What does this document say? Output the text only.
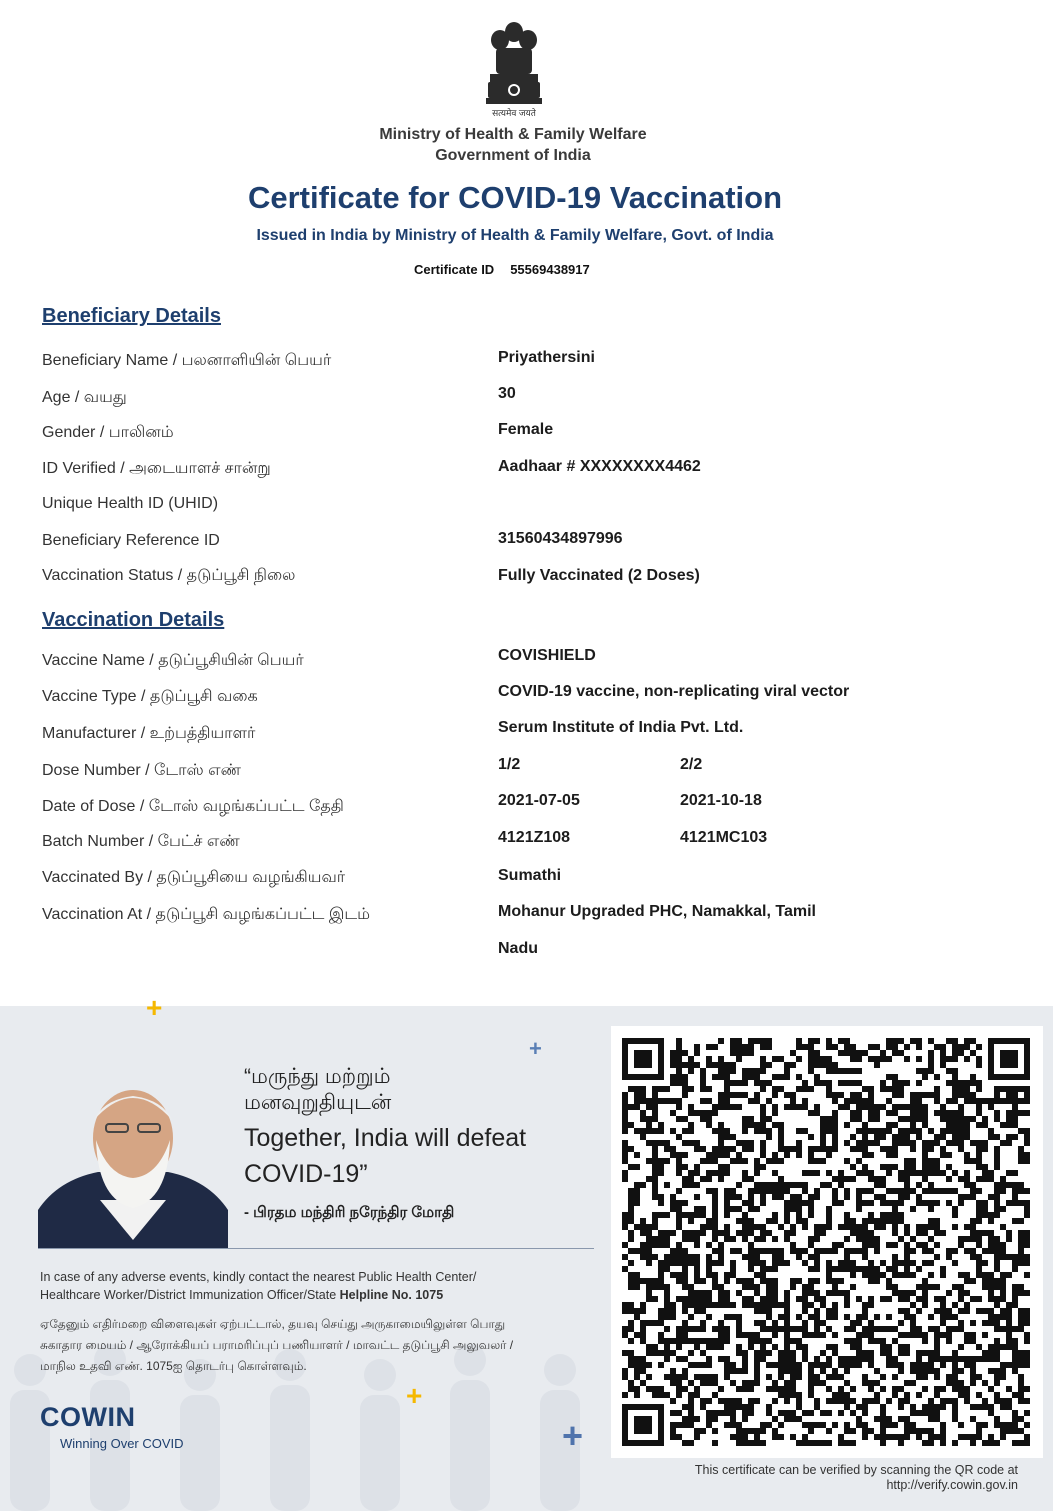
सत्यमेव जयते
Ministry of Health & Family Welfare
Government of India
Certificate for COVID-19 Vaccination
Issued in India by Ministry of Health & Family Welfare, Govt. of India
Certificate ID 55569438917
Beneficiary Details
Beneficiary Name / பலனாளியின் பெயர்	Priyathersini
Age / வயது	30
Gender / பாலினம்	Female
ID Verified / அடையாளச் சான்று	Aadhaar # XXXXXXXX4462
Unique Health ID (UHID)
Beneficiary Reference ID	31560434897996
Vaccination Status / தடுப்பூசி நிலை	Fully Vaccinated (2 Doses)
Vaccination Details
Vaccine Name / தடுப்பூசியின் பெயர்	COVISHIELD
Vaccine Type / தடுப்பூசி வகை	COVID-19 vaccine, non-replicating viral vector
Manufacturer / உற்பத்தியாளர்	Serum Institute of India Pvt. Ltd.
Dose Number / டோஸ் எண்	1/2	2/2
Date of Dose / டோஸ் வழங்கப்பட்ட தேதி	2021-07-05	2021-10-18
Batch Number / பேட்ச் எண்	4121Z108	4121MC103
Vaccinated By / தடுப்பூசியை வழங்கியவர்	Sumathi
Vaccination At / தடுப்பூசி வழங்கப்பட்ட இடம்	Mohanur Upgraded PHC, Namakkal, Tamil
Nadu
+
+
+
+
“மருந்து மற்றும்
மனவுறுதியுடன்
Together, India will defeat
COVID-19”
- பிரதம மந்திரி நரேந்திர மோதி
In case of any adverse events, kindly contact the nearest Public Health Center/
Healthcare Worker/District Immunization Officer/State Helpline No. 1075
ஏதேனும் எதிர்மறை விளைவுகள் ஏற்பட்டால், தயவு செய்து அருகாமையிலுள்ள பொது
சுகாதார மையம் / ஆரோக்கியப் பராமரிப்புப் பணியாளர் / மாவட்ட தடுப்பூசி அலுவலர் /
மாநில உதவி எண். 1075ஐ தொடர்பு கொள்ளவும்.
COWIN
Winning Over COVID
This certificate can be verified by scanning the QR code at
http://verify.cowin.gov.in
